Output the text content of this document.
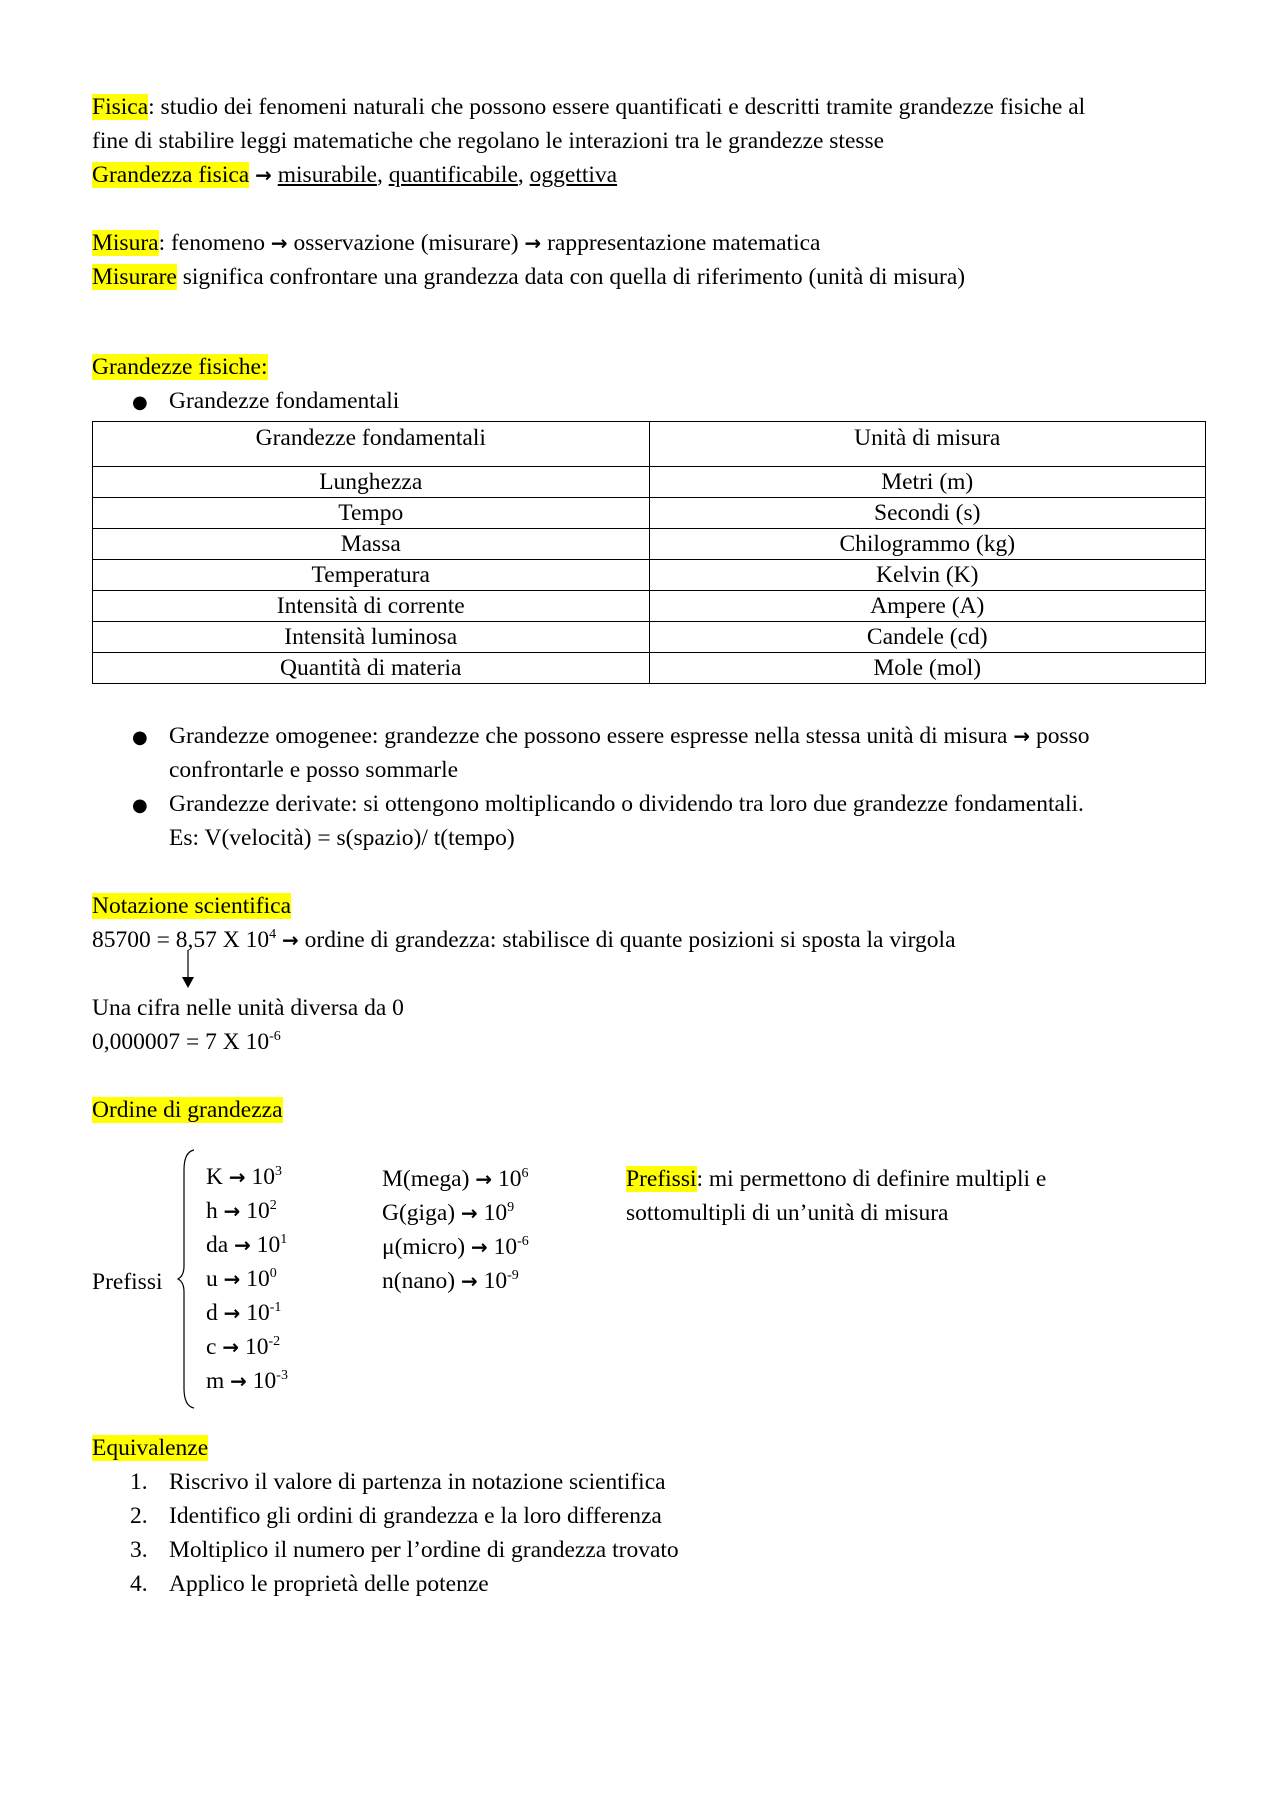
Fisica: studio dei fenomeni naturali che possono essere quantificati e descritti tramite grandezze fisiche al
fine di stabilire leggi matematiche che regolano le interazioni tra le grandezze stesse
Grandezza fisica → misurabile, quantificabile, oggettiva
Misura: fenomeno → osservazione (misurare) → rappresentazione matematica
Misurare significa confrontare una grandezza data con quella di riferimento (unità di misura)
Grandezze fisiche:
● Grandezze fondamentali
Grandezze fondamentali	Unità di misura
Lunghezza	Metri (m)
Tempo	Secondi (s)
Massa	Chilogrammo (kg)
Temperatura	Kelvin (K)
Intensità di corrente	Ampere (A)
Intensità luminosa	Candele (cd)
Quantità di materia	Mole (mol)
● Grandezze omogenee: grandezze che possono essere espresse nella stessa unità di misura → posso
confrontarle e posso sommarle
● Grandezze derivate: si ottengono moltiplicando o dividendo tra loro due grandezze fondamentali.
Es: V(velocità) = s(spazio)/ t(tempo)
Notazione scientifica
85700 = 8,57 X $10^4$ → ordine di grandezza: stabilisce di quante posizioni si sposta la virgola
Una cifra nelle unità diversa da 0
0,000007 = 7 X $10^{-6}$
Ordine di grandezza
Prefissi
$K \to 10^3$
$h \to 10^2$
da → $10^1$
$u \to 10^0$
$d \to 10^{-1}$
$c \to 10^{-2}$
$m \to 10^{-3}$
M(mega) → $10^6$
G(giga) → $10^9$
μ(micro) → $10^{-6}$
n(nano) → $10^{-9}$
Prefissi: mi permettono di definire multipli e
sottomultipli di un’unità di misura
Equivalenze
1. Riscrivo il valore di partenza in notazione scientifica
2. Identifico gli ordini di grandezza e la loro differenza
3. Moltiplico il numero per l’ordine di grandezza trovato
4. Applico le proprietà delle potenze
